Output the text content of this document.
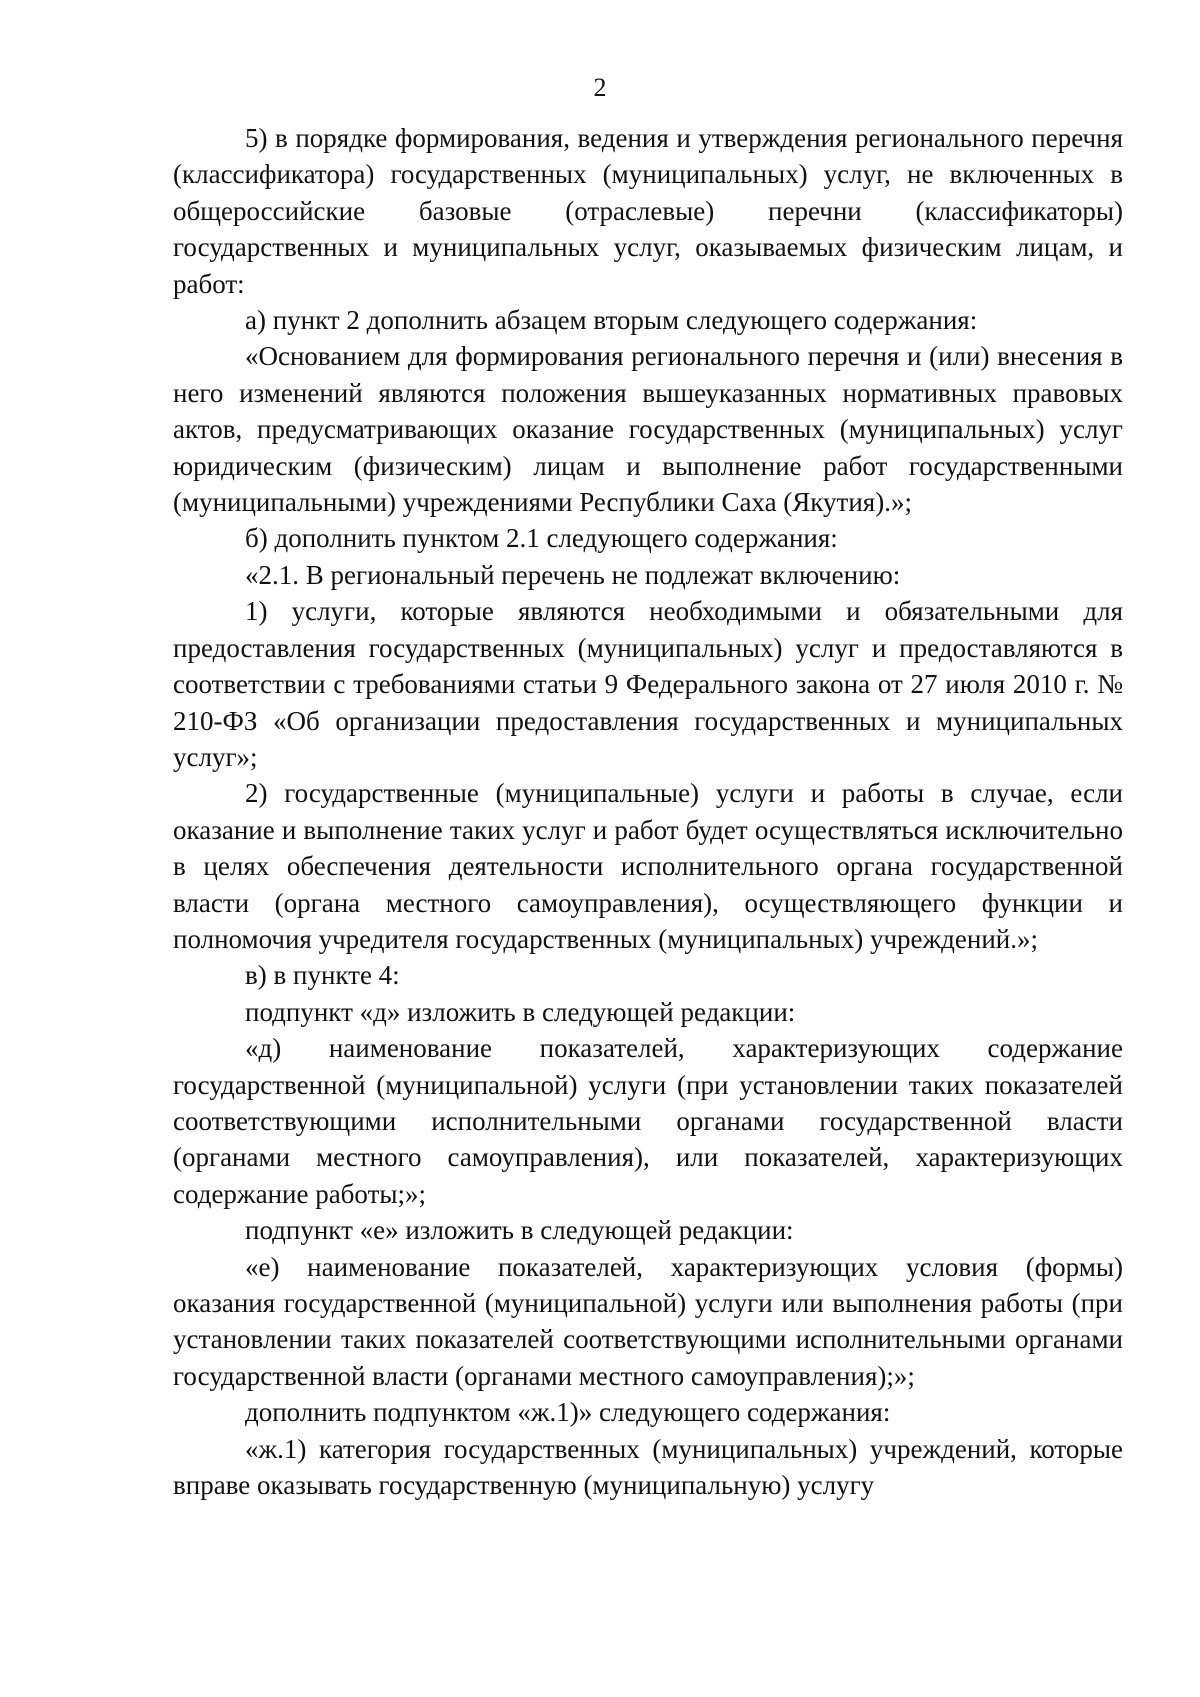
2

5) в порядке формирования, ведения и утверждения регионального перечня (классификатора) государственных (муниципальных) услуг, не включенных в общероссийские базовые (отраслевые) перечни (классификаторы) государственных и муниципальных услуг, оказываемых физическим лицам, и работ:

а) пункт 2 дополнить абзацем вторым следующего содержания:

«Основанием для формирования регионального перечня и (или) внесения в него изменений являются положения вышеуказанных нормативных правовых актов, предусматривающих оказание государственных (муниципальных) услуг юридическим (физическим) лицам и выполнение работ государственными (муниципальными) учреждениями Республики Саха (Якутия).»;

б) дополнить пунктом 2.1 следующего содержания:

«2.1. В региональный перечень не подлежат включению:

1) услуги, которые являются необходимыми и обязательными для предоставления государственных (муниципальных) услуг и предоставляются в соответствии с требованиями статьи 9 Федерального закона от 27 июля 2010 г. № 210-ФЗ «Об организации предоставления государственных и муниципальных услуг»;

2) государственные (муниципальные) услуги и работы в случае, если оказание и выполнение таких услуг и работ будет осуществляться исключительно в целях обеспечения деятельности исполнительного органа государственной власти (органа местного самоуправления), осуществляющего функции и полномочия учредителя государственных (муниципальных) учреждений.»;

в) в пункте 4:

подпункт «д» изложить в следующей редакции:

«д) наименование показателей, характеризующих содержание государственной (муниципальной) услуги (при установлении таких показателей соответствующими исполнительными органами государственной власти (органами местного самоуправления), или показателей, характеризующих содержание работы;»;

подпункт «е» изложить в следующей редакции:

«е) наименование показателей, характеризующих условия (формы) оказания государственной (муниципальной) услуги или выполнения работы (при установлении таких показателей соответствующими исполнительными органами государственной власти (органами местного самоуправления);»;

дополнить подпунктом «ж.1)» следующего содержания:

«ж.1) категория государственных (муниципальных) учреждений, которые вправе оказывать государственную (муниципальную) услугу
